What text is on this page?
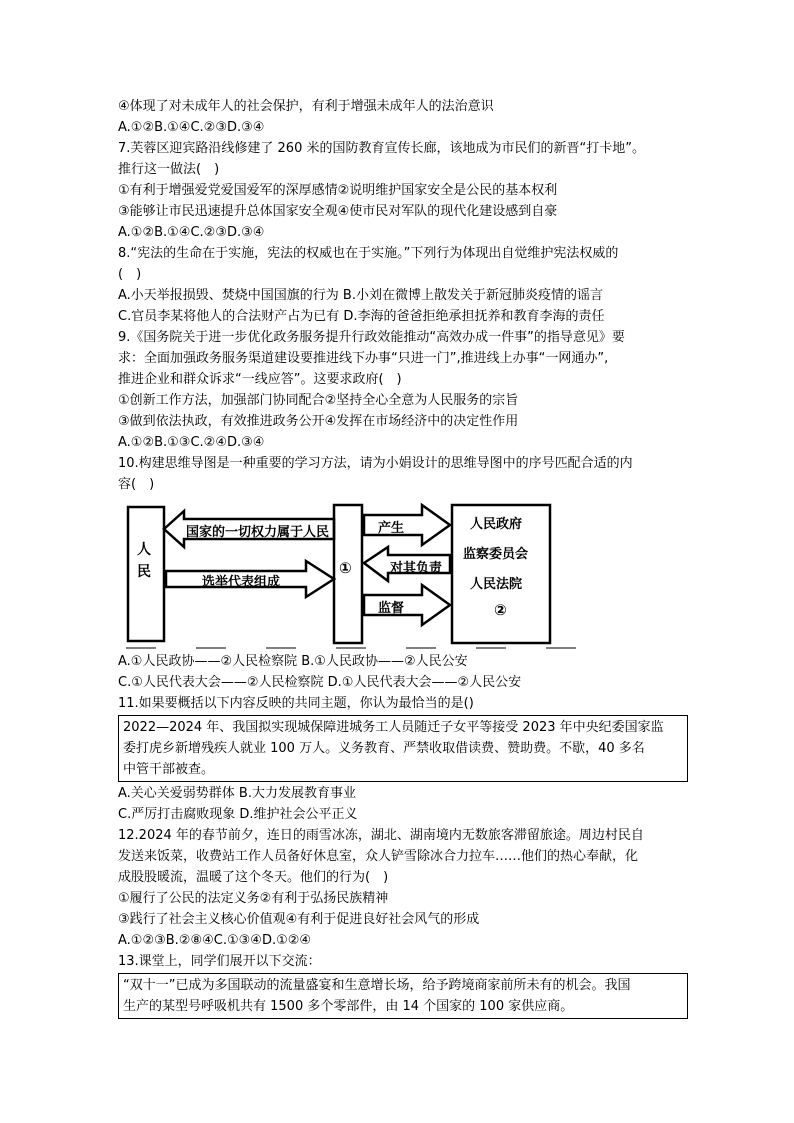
④体现了对未成年人的社会保护，有利于增强未成年人的法治意识

A.①②B.①④C.②③D.③④

7.芙蓉区迎宾路沿线修建了 260 米的国防教育宣传长廊，该地成为市民们的新晋“打卡地”。

推行这一做法(　)

①有利于增强爱党爱国爱军的深厚感情②说明维护国家安全是公民的基本权利

③能够让市民迅速提升总体国家安全观④使市民对军队的现代化建设感到自豪

A.①②B.①④C.②③D.③④

8.“宪法的生命在于实施，宪法的权威也在于实施。”下列行为体现出自觉维护宪法权威的

(　)

A.小天举报损毁、焚烧中国国旗的行为 B.小刘在微博上散发关于新冠肺炎疫情的谣言

C.官员李某将他人的合法财产占为已有 D.李海的爸爸拒绝承担抚养和教育李海的责任

9.《国务院关于进一步优化政务服务提升行政效能推动“高效办成一件事”的指导意见》要

求：全面加强政务服务渠道建设要推进线下办事“只进一门”,推进线上办事“一网通办”,

推进企业和群众诉求“一线应答”。这要求政府(　)

①创新工作方法，加强部门协同配合②坚持全心全意为人民服务的宗旨

③做到依法执政，有效推进政务公开④发挥在市场经济中的决定性作用

A.①②B.①③C.②④D.③④

10.构建思维导图是一种重要的学习方法，请为小娟设计的思维导图中的序号匹配合适的内

容(　)

人民
国家的一切权力属于人民
选举代表组成
①
产生
对其负责
监督
人民政府
监察委员会
人民法院
②

A.①人民政协——②人民检察院 B.①人民政协——②人民公安

C.①人民代表大会——②人民检察院 D.①人民代表大会——②人民公安

11.如果要概括以下内容反映的共同主题，你认为最恰当的是()

2022—2024 年、我国拟实现城保障进城务工人员随迁子女平等接受 2023 年中央纪委国家监
委打虎乡新增残疾人就业 100 万人。义务教育、严禁收取借读费、赞助费。不歇，40 多名
中管干部被查。

A.关心关爱弱势群体 B.大力发展教育事业

C.严厉打击腐败现象 D.维护社会公平正义

12.2024 年的春节前夕，连日的雨雪冰冻，湖北、湖南境内无数旅客滞留旅途。周边村民自

发送来饭菜，收费站工作人员备好休息室，众人铲雪除冰合力拉车……他们的热心奉献，化

成股股暖流，温暖了这个冬天。他们的行为(　)

①履行了公民的法定义务②有利于弘扬民族精神

③践行了社会主义核心价值观④有利于促进良好社会风气的形成

A.①②③B.②⑧④C.①③④D.①②④

13.课堂上，同学们展开以下交流：

“双十一”已成为多国联动的流量盛宴和生意增长场，给予跨境商家前所未有的机会。我国
生产的某型号呼吸机共有 1500 多个零部件，由 14 个国家的 100 家供应商。
